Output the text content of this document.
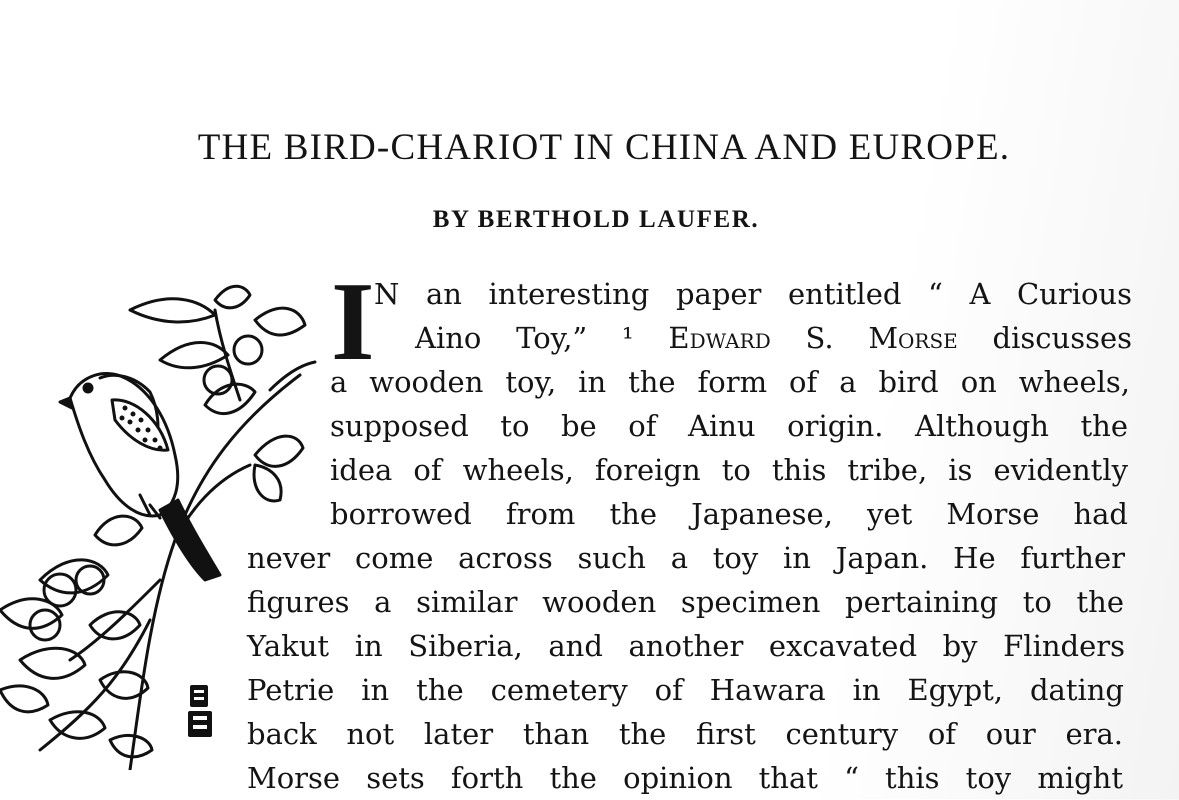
THE BIRD-CHARIOT IN CHINA AND EUROPE.
BY BERTHOLD LAUFER.
I N an interesting paper entitled “ A Curious
Aino Toy,” ¹ Edward S. Morse discusses
a wooden toy, in the form of a bird on wheels,
supposed to be of Ainu origin. Although the
idea of wheels, foreign to this tribe, is evidently
borrowed from the Japanese, yet Morse had
never come across such a toy in Japan. He further
figures a similar wooden specimen pertaining to the
Yakut in Siberia, and another excavated by Flinders
Petrie in the cemetery of Hawara in Egypt, dating
back not later than the first century of our era.
Morse sets forth the opinion that “ this toy might
